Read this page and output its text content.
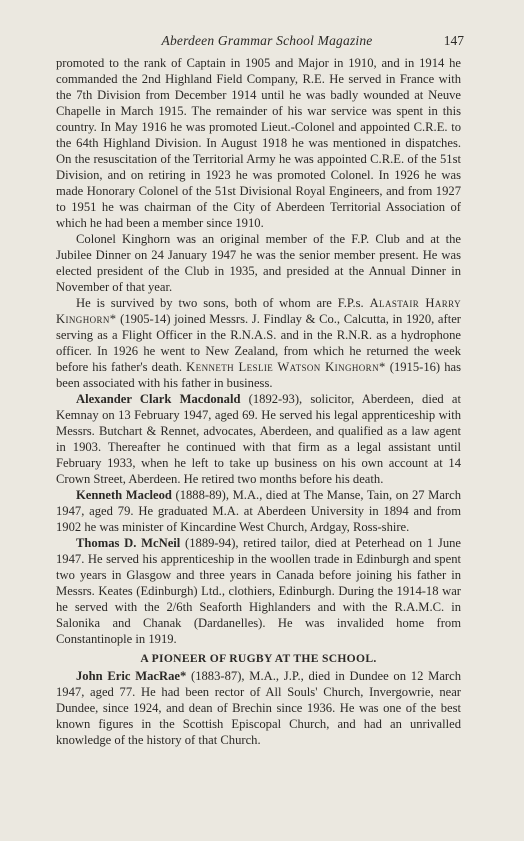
Aberdeen Grammar School Magazine	147

promoted to the rank of Captain in 1905 and Major in 1910, and in 1914 he commanded the 2nd Highland Field Company, R.E. He served in France with the 7th Division from December 1914 until he was badly wounded at Neuve Chapelle in March 1915. The remainder of his war service was spent in this country. In May 1916 he was promoted Lieut.-Colonel and appointed C.R.E. to the 64th Highland Division. In August 1918 he was mentioned in dispatches. On the resuscitation of the Territorial Army he was appointed C.R.E. of the 51st Division, and on retiring in 1923 he was promoted Colonel. In 1926 he was made Honorary Colonel of the 51st Divisional Royal Engineers, and from 1927 to 1951 he was chairman of the City of Aberdeen Territorial Association of which he had been a member since 1910.

Colonel Kinghorn was an original member of the F.P. Club and at the Jubilee Dinner on 24 January 1947 he was the senior member present. He was elected president of the Club in 1935, and presided at the Annual Dinner in November of that year.

He is survived by two sons, both of whom are F.P.s. Alastair Harry Kinghorn* (1905-14) joined Messrs. J. Findlay & Co., Calcutta, in 1920, after serving as a Flight Officer in the R.N.A.S. and in the R.N.R. as a hydrophone officer. In 1926 he went to New Zealand, from which he returned the week before his father's death. Kenneth Leslie Watson Kinghorn* (1915-16) has been associated with his father in business.

Alexander Clark Macdonald (1892-93), solicitor, Aberdeen, died at Kemnay on 13 February 1947, aged 69. He served his legal apprenticeship with Messrs. Butchart & Rennet, advocates, Aberdeen, and qualified as a law agent in 1903. Thereafter he continued with that firm as a legal assistant until February 1933, when he left to take up business on his own account at 14 Crown Street, Aberdeen. He retired two months before his death.

Kenneth Macleod (1888-89), M.A., died at The Manse, Tain, on 27 March 1947, aged 79. He graduated M.A. at Aberdeen University in 1894 and from 1902 he was minister of Kincardine West Church, Ardgay, Ross-shire.

Thomas D. McNeil (1889-94), retired tailor, died at Peterhead on 1 June 1947. He served his apprenticeship in the woollen trade in Edinburgh and spent two years in Glasgow and three years in Canada before joining his father in Messrs. Keates (Edinburgh) Ltd., clothiers, Edinburgh. During the 1914-18 war he served with the 2/6th Seaforth Highlanders and with the R.A.M.C. in Salonika and Chanak (Dardanelles). He was invalided home from Constantinople in 1919.

A PIONEER OF RUGBY AT THE SCHOOL.

John Eric MacRae* (1883-87), M.A., J.P., died in Dundee on 12 March 1947, aged 77. He had been rector of All Souls' Church, Invergowrie, near Dundee, since 1924, and dean of Brechin since 1936. He was one of the best known figures in the Scottish Episcopal Church, and had an unrivalled knowledge of the history of that Church.
